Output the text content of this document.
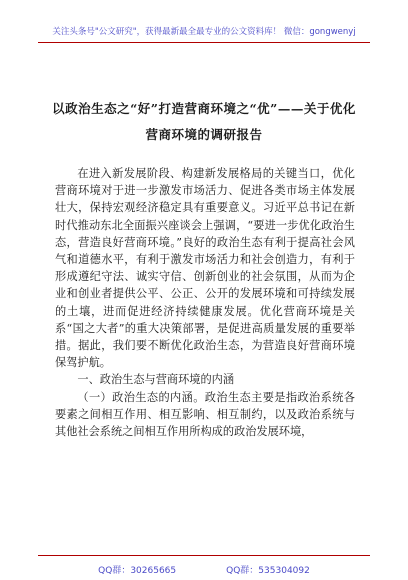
关注头条号"公文研究"，获得最新最全最专业的公文资料库！ 微信：gongwenyj
以政治生态之“好”打造营商环境之“优”——关于优化
营商环境的调研报告

在进入新发展阶段、构建新发展格局的关键当口，优化营商环境对于进一步激发市场活力、促进各类市场主体发展壮大，保持宏观经济稳定具有重要意义。习近平总书记在新时代推动东北全面振兴座谈会上强调，“要进一步优化政治生态，营造良好营商环境。”良好的政治生态有利于提高社会风气和道德水平，有利于激发市场活力和社会创造力，有利于形成遵纪守法、诚实守信、创新创业的社会氛围，从而为企业和创业者提供公平、公正、公开的发展环境和可持续发展的土壤，进而促进经济持续健康发展。优化营商环境是关系“国之大者”的重大决策部署，是促进高质量发展的重要举措。据此，我们要不断优化政治生态，为营造良好营商环境保驾护航。

一、政治生态与营商环境的内涵

（一）政治生态的内涵。政治生态主要是指政治系统各要素之间相互作用、相互影响、相互制约，以及政治系统与其他社会系统之间相互作用所构成的政治发展环境，

QQ群：30265665	QQ群：535304092
